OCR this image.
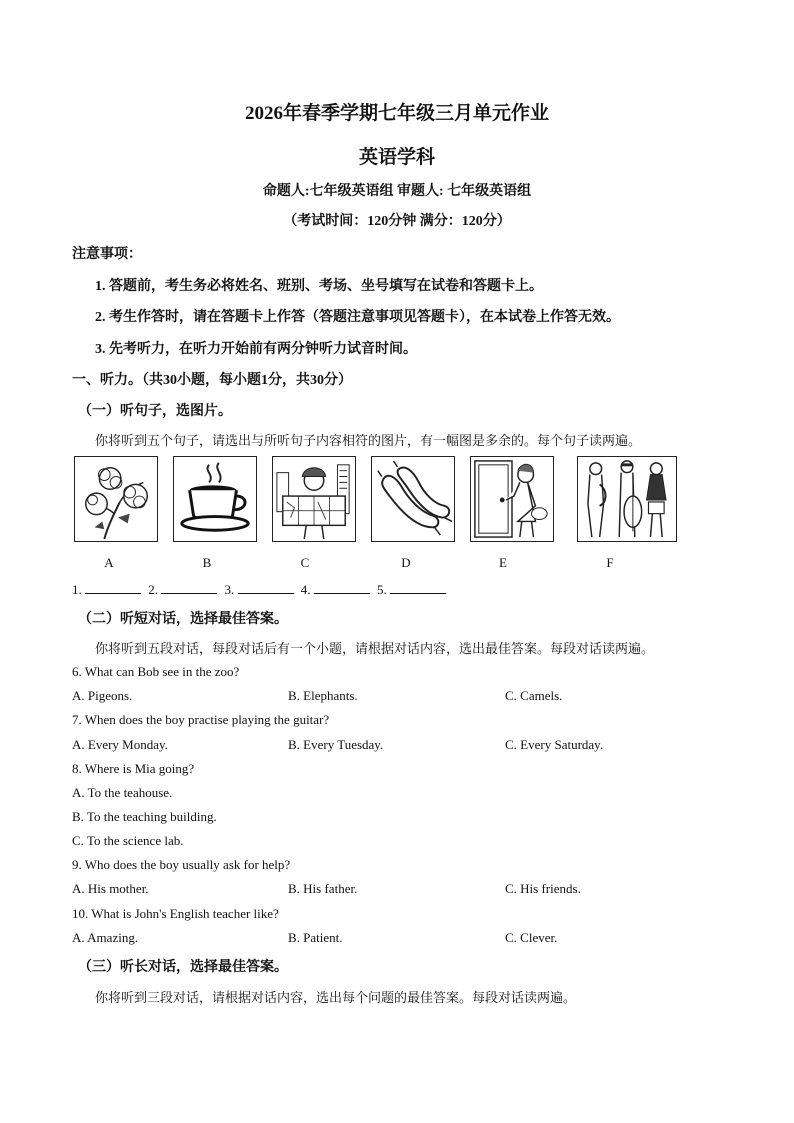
2026年春季学期七年级三月单元作业
英语学科
命题人:七年级英语组 审题人: 七年级英语组
（考试时间：120分钟 满分：120分）
注意事项：
1. 答题前，考生务必将姓名、班别、考场、坐号填写在试卷和答题卡上。
2. 考生作答时，请在答题卡上作答（答题注意事项见答题卡），在本试卷上作答无效。
3. 先考听力，在听力开始前有两分钟听力试音时间。
一、听力。（共30小题，每小题1分，共30分）
（一）听句子，选图片。
你将听到五个句子，请选出与所听句子内容相符的图片，有一幅图是多余的。每个句子读两遍。
A	B	C	D	E	F
1.	2.	3.	4.	5.
（二）听短对话，选择最佳答案。
你将听到五段对话，每段对话后有一个小题，请根据对话内容，选出最佳答案。每段对话读两遍。
6. What can Bob see in the zoo?
A. Pigeons.	B. Elephants.	C. Camels.
7. When does the boy practise playing the guitar?
A. Every Monday.	B. Every Tuesday.	C. Every Saturday.
8. Where is Mia going?
A. To the teahouse.
B. To the teaching building.
C. To the science lab.
9. Who does the boy usually ask for help?
A. His mother.	B. His father.	C. His friends.
10. What is John's English teacher like?
A. Amazing.	B. Patient.	C. Clever.
（三）听长对话，选择最佳答案。
你将听到三段对话，请根据对话内容，选出每个问题的最佳答案。每段对话读两遍。
